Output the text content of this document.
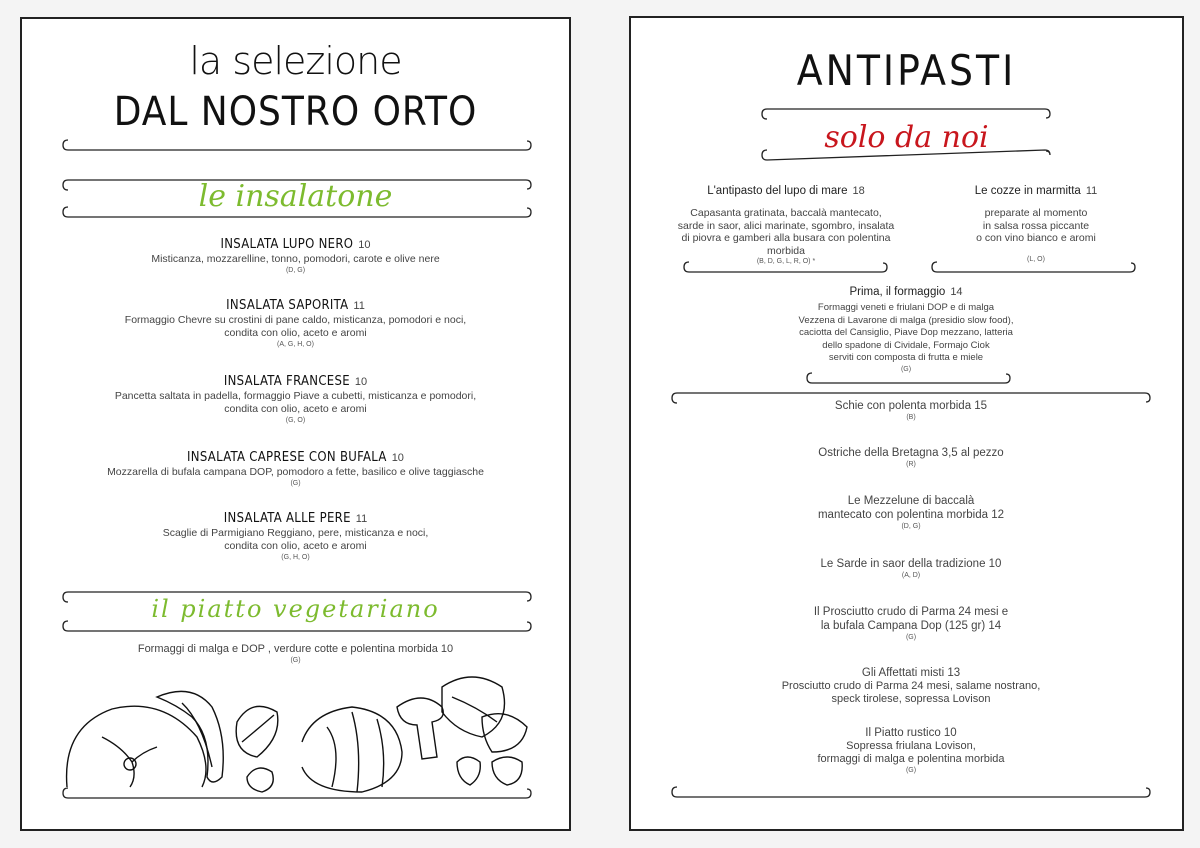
la selezione
DAL NOSTRO ORTO
le insalatone
INSALATA LUPO NERO 10
Misticanza, mozzarelline, tonno, pomodori, carote e olive nere
(D, G)
INSALATA SAPORITA 11
Formaggio Chevre su crostini di pane caldo, misticanza, pomodori e noci,
condita con olio, aceto e aromi
(A, G, H, O)
INSALATA FRANCESE 10
Pancetta saltata in padella, formaggio Piave a cubetti, misticanza e pomodori,
condita con olio, aceto e aromi
(G, O)
INSALATA CAPRESE CON BUFALA 10
Mozzarella di bufala campana DOP, pomodoro a fette, basilico e olive taggiasche
(G)
INSALATA ALLE PERE 11
Scaglie di Parmigiano Reggiano, pere, misticanza e noci,
condita con olio, aceto e aromi
(G, H, O)
il piatto vegetariano
Formaggi di malga e DOP , verdure cotte e polentina morbida 10
(G)
ANTIPASTI
solo da noi
L'antipasto del lupo di mare 18
Capasanta gratinata, baccalà mantecato,
sarde in saor, alici marinate, sgombro, insalata
di piovra e gamberi alla busara con polentina
morbida
(B, D, G, L, R, O) *
Le cozze in marmitta 11
preparate al momento
in salsa rossa piccante
o con vino bianco e aromi
(L, O)
Prima, il formaggio 14
Formaggi veneti e friulani DOP e di malga
Vezzena di Lavarone di malga (presidio slow food),
caciotta del Cansiglio, Piave Dop mezzano, latteria
dello spadone di Cividale, Formajo Ciok
serviti con composta di frutta e miele
(G)
Schie con polenta morbida 15
(B)
Ostriche della Bretagna 3,5 al pezzo
(R)
Le Mezzelune di baccalà
mantecato con polentina morbida 12
(D, G)
Le Sarde in saor della tradizione 10
(A, D)
Il Prosciutto crudo di Parma 24 mesi e
la bufala Campana Dop (125 gr) 14
(G)
Gli Affettati misti 13
Prosciutto crudo di Parma 24 mesi, salame nostrano,
speck tirolese, sopressa Lovison
Il Piatto rustico 10
Sopressa friulana Lovison,
formaggi di malga e polentina morbida
(G)
